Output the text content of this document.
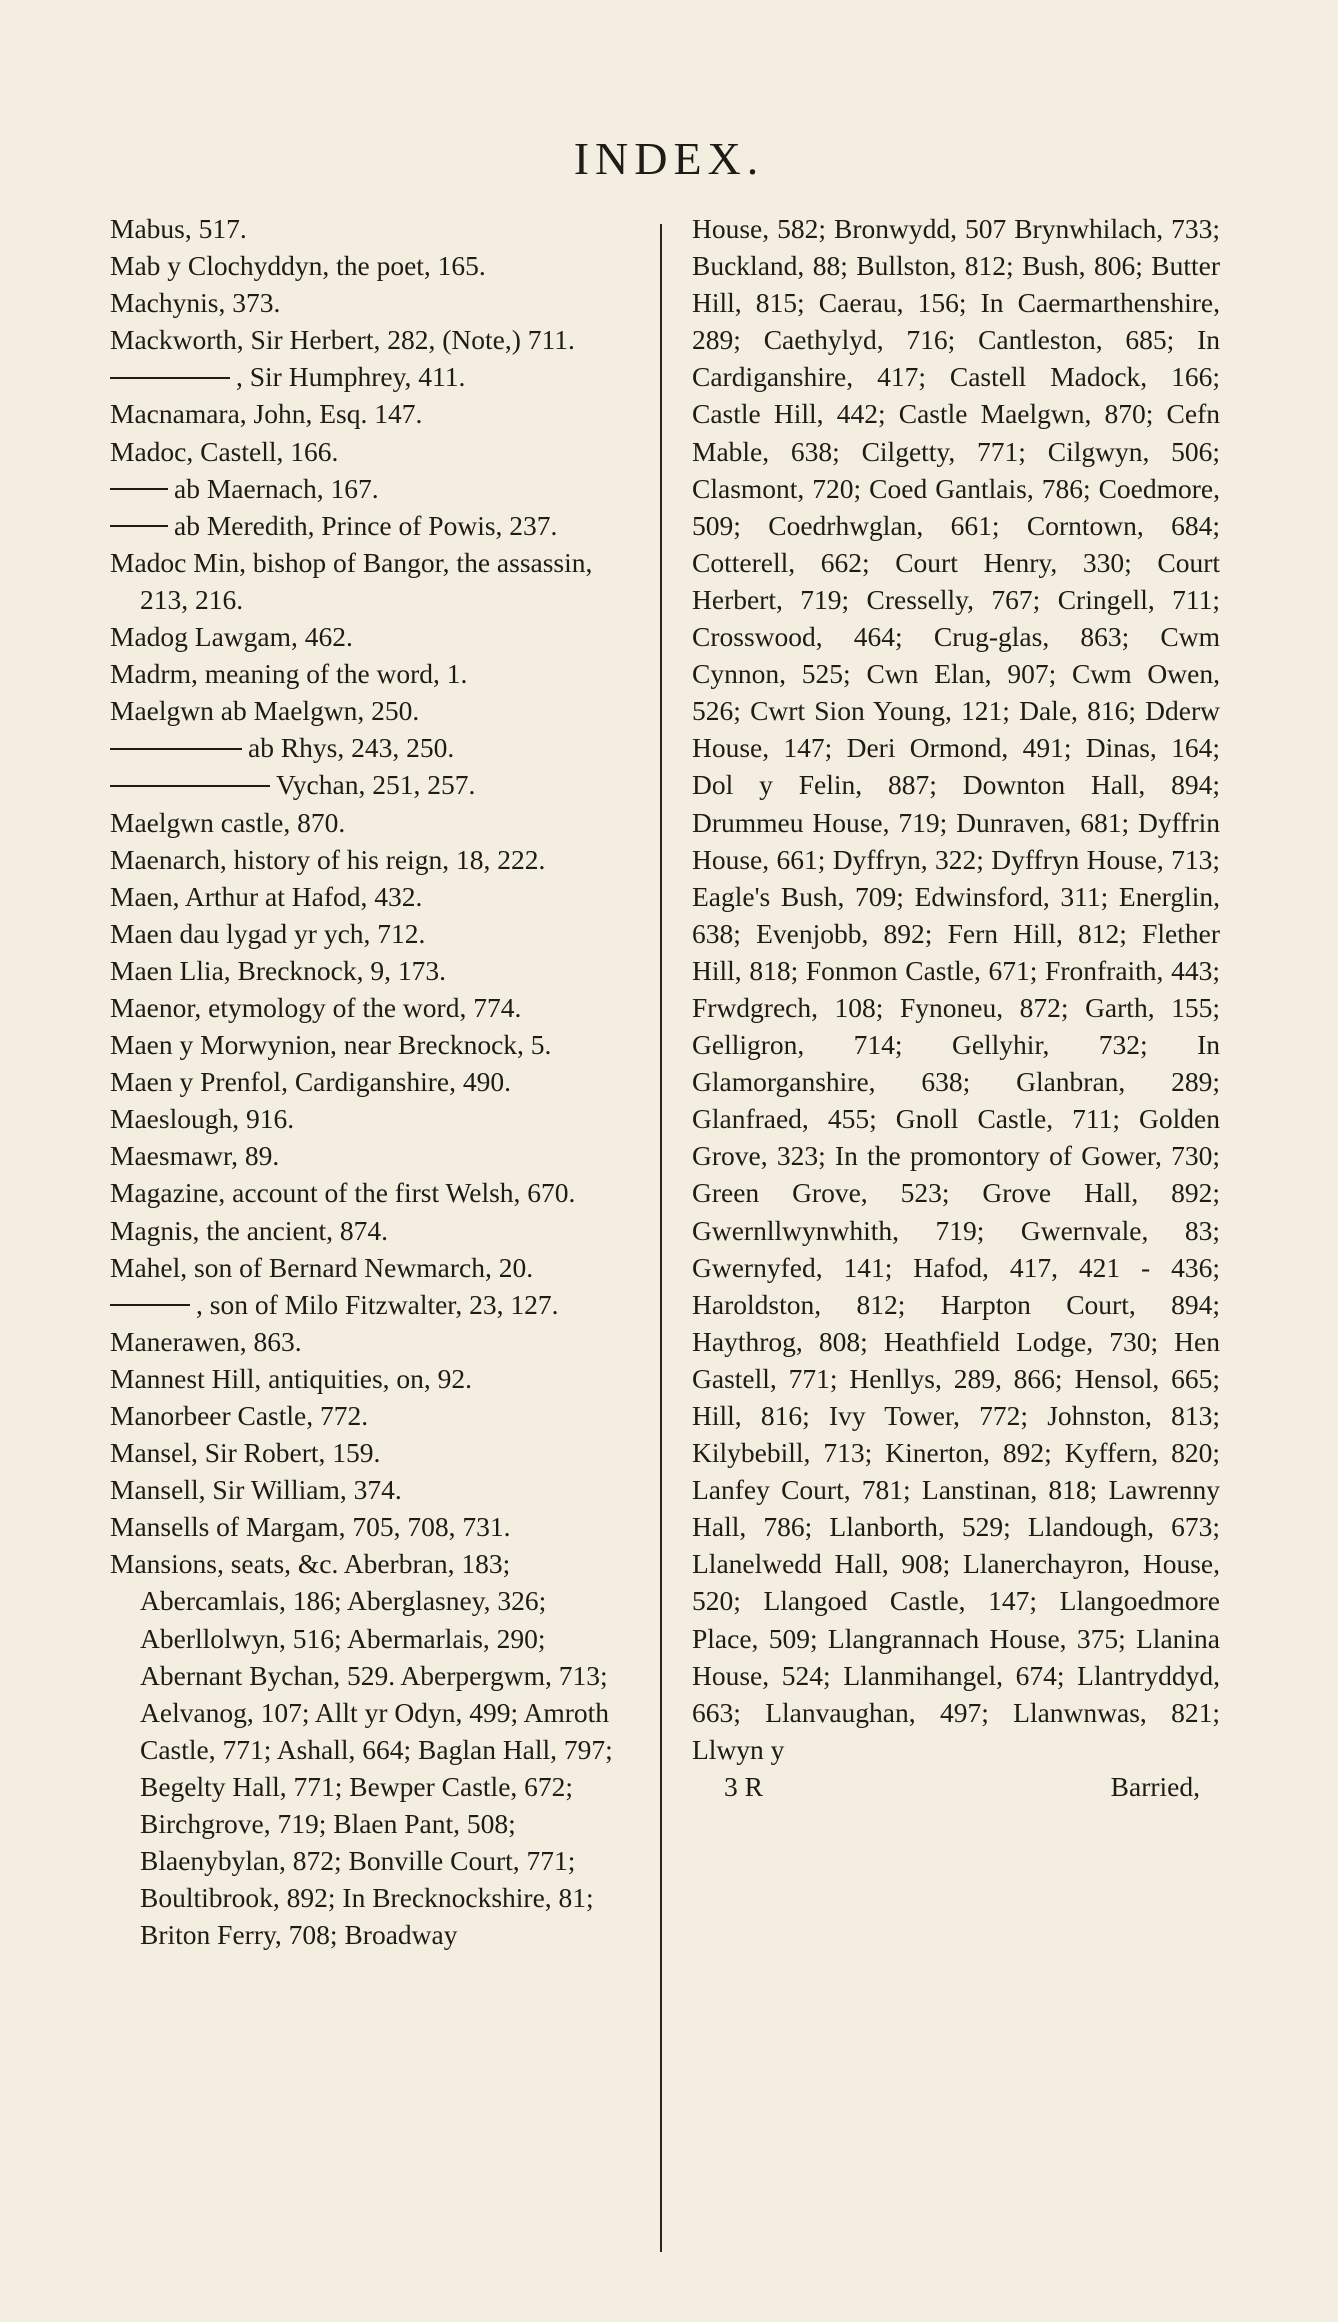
INDEX.

Mabus, 517.

Mab y Clochyddyn, the poet, 165.

Machynis, 373.

Mackworth, Sir Herbert, 282, (Note,) 711.

, Sir Humphrey, 411.

Macnamara, John, Esq. 147.

Madoc, Castell, 166.

ab Maernach, 167.

ab Meredith, Prince of Powis, 237.

Madoc Min, bishop of Bangor, the assassin, 213, 216.

Madog Lawgam, 462.

Madrm, meaning of the word, 1.

Maelgwn ab Maelgwn, 250.

ab Rhys, 243, 250.

Vychan, 251, 257.

Maelgwn castle, 870.

Maenarch, history of his reign, 18, 222.

Maen, Arthur at Hafod, 432.

Maen dau lygad yr ych, 712.

Maen Llia, Brecknock, 9, 173.

Maenor, etymology of the word, 774.

Maen y Morwynion, near Brecknock, 5.

Maen y Prenfol, Cardiganshire, 490.

Maeslough, 916.

Maesmawr, 89.

Magazine, account of the first Welsh, 670.

Magnis, the ancient, 874.

Mahel, son of Bernard Newmarch, 20.

, son of Milo Fitzwalter, 23, 127.

Manerawen, 863.

Mannest Hill, antiquities, on, 92.

Manorbeer Castle, 772.

Mansel, Sir Robert, 159.

Mansell, Sir William, 374.

Mansells of Margam, 705, 708, 731.

Mansions, seats, &c. Aberbran, 183; Abercamlais, 186; Aberglasney, 326; Aberllolwyn, 516; Abermarlais, 290; Abernant Bychan, 529. Aberpergwm, 713; Aelvanog, 107; Allt yr Odyn, 499; Amroth Castle, 771; Ashall, 664; Baglan Hall, 797; Begelty Hall, 771; Bewper Castle, 672; Birchgrove, 719; Blaen Pant, 508; Blaenybylan, 872; Bonville Court, 771; Boultibrook, 892; In Brecknockshire, 81; Briton Ferry, 708; Broadway

House, 582; Bronwydd, 507 Brynwhilach, 733; Buckland, 88; Bullston, 812; Bush, 806; Butter Hill, 815; Caerau, 156; In Caermarthenshire, 289; Caethylyd, 716; Cantleston, 685; In Cardiganshire, 417; Castell Madock, 166; Castle Hill, 442; Castle Maelgwn, 870; Cefn Mable, 638; Cilgetty, 771; Cilgwyn, 506; Clasmont, 720; Coed Gantlais, 786; Coedmore, 509; Coedrhwglan, 661; Corntown, 684; Cotterell, 662; Court Henry, 330; Court Herbert, 719; Cresselly, 767; Cringell, 711; Crosswood, 464; Crug-glas, 863; Cwm Cynnon, 525; Cwn Elan, 907; Cwm Owen, 526; Cwrt Sion Young, 121; Dale, 816; Dderw House, 147; Deri Ormond, 491; Dinas, 164; Dol y Felin, 887; Downton Hall, 894; Drummeu House, 719; Dunraven, 681; Dyffrin House, 661; Dyffryn, 322; Dyffryn House, 713; Eagle's Bush, 709; Edwinsford, 311; Energlin, 638; Evenjobb, 892; Fern Hill, 812; Flether Hill, 818; Fonmon Castle, 671; Fronfraith, 443; Frwdgrech, 108; Fynoneu, 872; Garth, 155; Gelligron, 714; Gellyhir, 732; In Glamorganshire, 638; Glanbran, 289; Glanfraed, 455; Gnoll Castle, 711; Golden Grove, 323; In the promontory of Gower, 730; Green Grove, 523; Grove Hall, 892; Gwernllwynwhith, 719; Gwernvale, 83; Gwernyfed, 141; Hafod, 417, 421 - 436; Haroldston, 812; Harpton Court, 894; Haythrog, 808; Heathfield Lodge, 730; Hen Gastell, 771; Henllys, 289, 866; Hensol, 665; Hill, 816; Ivy Tower, 772; Johnston, 813; Kilybebill, 713; Kinerton, 892; Kyffern, 820; Lanfey Court, 781; Lanstinan, 818; Lawrenny Hall, 786; Llanborth, 529; Llandough, 673; Llanelwedd Hall, 908; Llanerchayron, House, 520; Llangoed Castle, 147; Llangoedmore Place, 509; Llangrannach House, 375; Llanina House, 524; Llanmihangel, 674; Llantryddyd, 663; Llanvaughan, 497; Llanwnwas, 821; Llwyn y

3 R	Barried,
